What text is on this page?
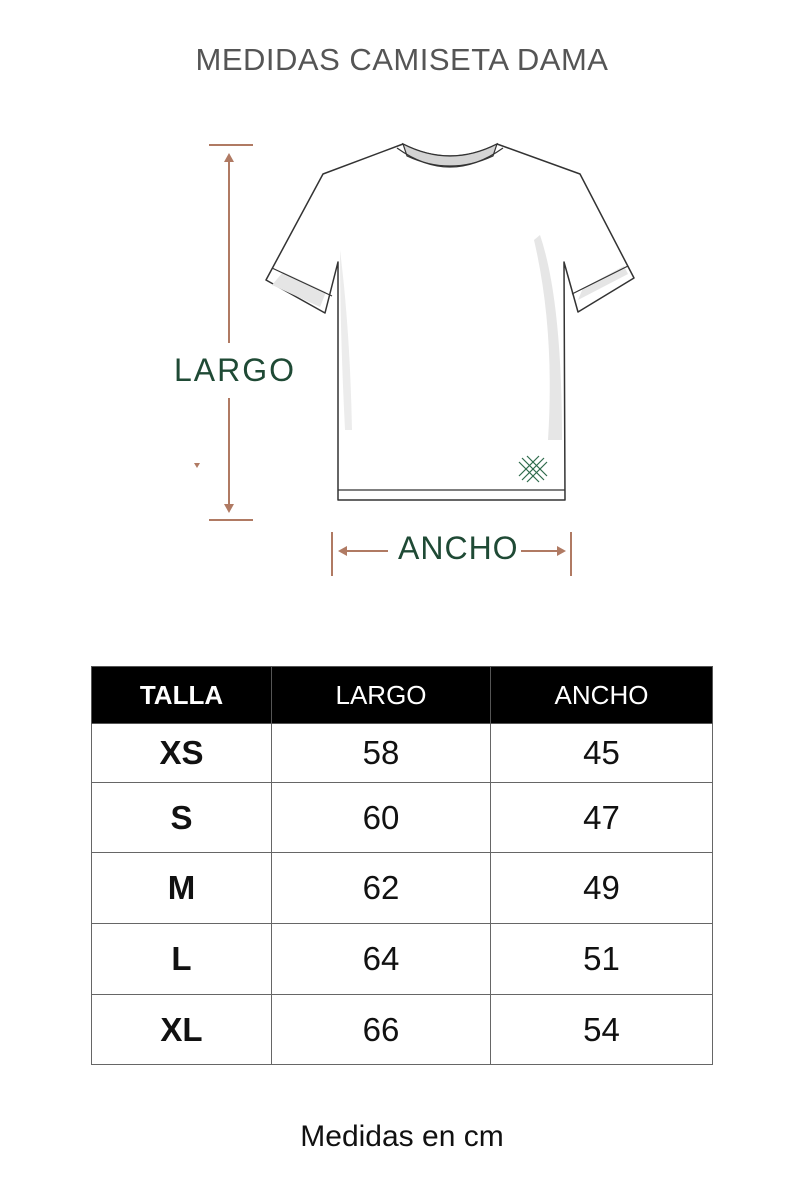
MEDIDAS CAMISETA DAMA
LARGO
ANCHO
TALLA	LARGO	ANCHO
XS	58	45
S	60	47
M	62	49
L	64	51
XL	66	54
Medidas en cm
